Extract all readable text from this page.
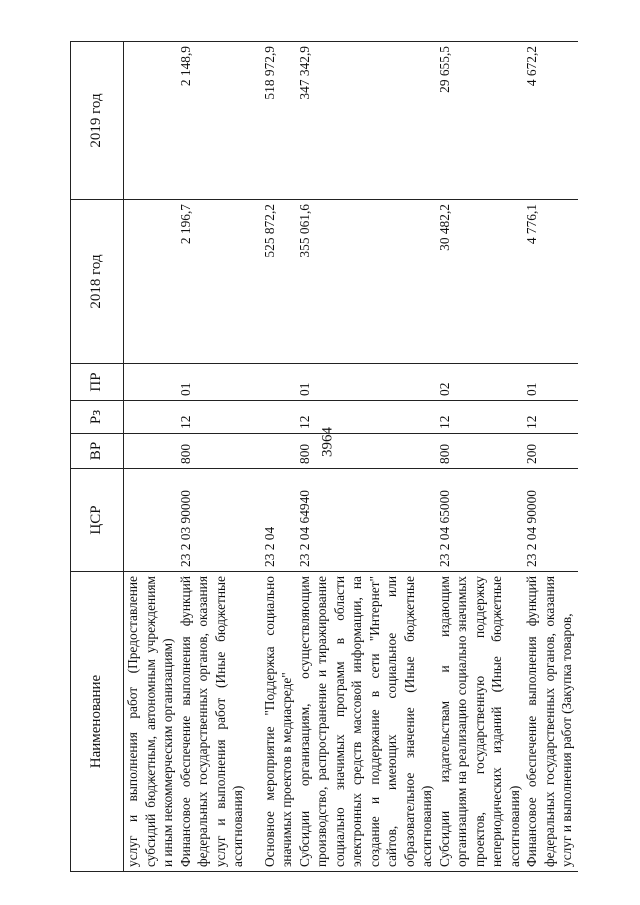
3964
Наименование	ЦСР	ВР	Рз	ПР	2018 год	2019 год
услуг и выполнения работ (Предоставление субсидий бюджетным, автономным учреждениям и иным некоммерческим организациям)						
Финансовое обеспечение выполнения функций федеральных государственных органов, оказания услуг и выполнения работ (Иные бюджетные ассигнования)	23 2 03 90000	800	12	01	2 196,7	2 148,9
Основное мероприятие "Поддержка социально значимых проектов в медиасреде"	23 2 04				525 872,2	518 972,9
Субсидии организациям, осуществляющим производство, распространение и тиражирование социально значимых программ в области электронных средств массовой информации, на создание и поддержание в сети "Интернет" сайтов, имеющих социальное или образовательное значение (Иные бюджетные ассигнования)	23 2 04 64940	800	12	01	355 061,6	347 342,9
Субсидии издательствам и издающим организациям на реализацию социально значимых проектов, государственную поддержку непериодических изданий (Иные бюджетные ассигнования)	23 2 04 65000	800	12	02	30 482,2	29 655,5
Финансовое обеспечение выполнения функций федеральных государственных органов, оказания услуг и выполнения работ (Закупка товаров,	23 2 04 90000	200	12	01	4 776,1	4 672,2
